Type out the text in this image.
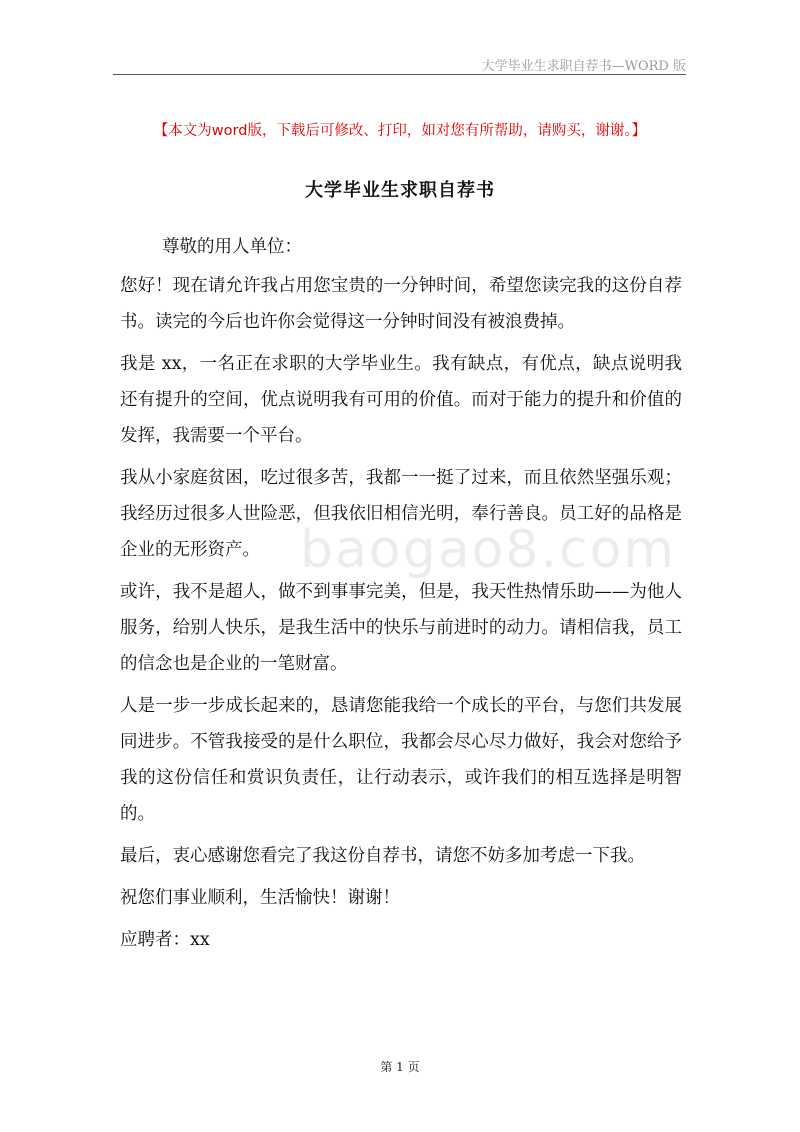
大学毕业生求职自荐书—WORD 版
【本文为word版，下载后可修改、打印，如对您有所帮助，请购买，谢谢。】
大学毕业生求职自荐书
baogao8.com

尊敬的用人单位：

您好！现在请允许我占用您宝贵的一分钟时间，希望您读完我的这份自荐书。读完的今后也许你会觉得这一分钟时间没有被浪费掉。

我是 xx，一名正在求职的大学毕业生。我有缺点，有优点，缺点说明我还有提升的空间，优点说明我有可用的价值。而对于能力的提升和价值的发挥，我需要一个平台。

我从小家庭贫困，吃过很多苦，我都一一挺了过来，而且依然坚强乐观；我经历过很多人世险恶，但我依旧相信光明，奉行善良。员工好的品格是企业的无形资产。

或许，我不是超人，做不到事事完美，但是，我天性热情乐助——为他人服务，给别人快乐，是我生活中的快乐与前进时的动力。请相信我，员工的信念也是企业的一笔财富。

人是一步一步成长起来的，恳请您能我给一个成长的平台，与您们共发展同进步。不管我接受的是什么职位，我都会尽心尽力做好，我会对您给予我的这份信任和赏识负责任，让行动表示，或许我们的相互选择是明智的。

最后，衷心感谢您看完了我这份自荐书，请您不妨多加考虑一下我。

祝您们事业顺利，生活愉快！谢谢！

应聘者：xx

第 1 页
